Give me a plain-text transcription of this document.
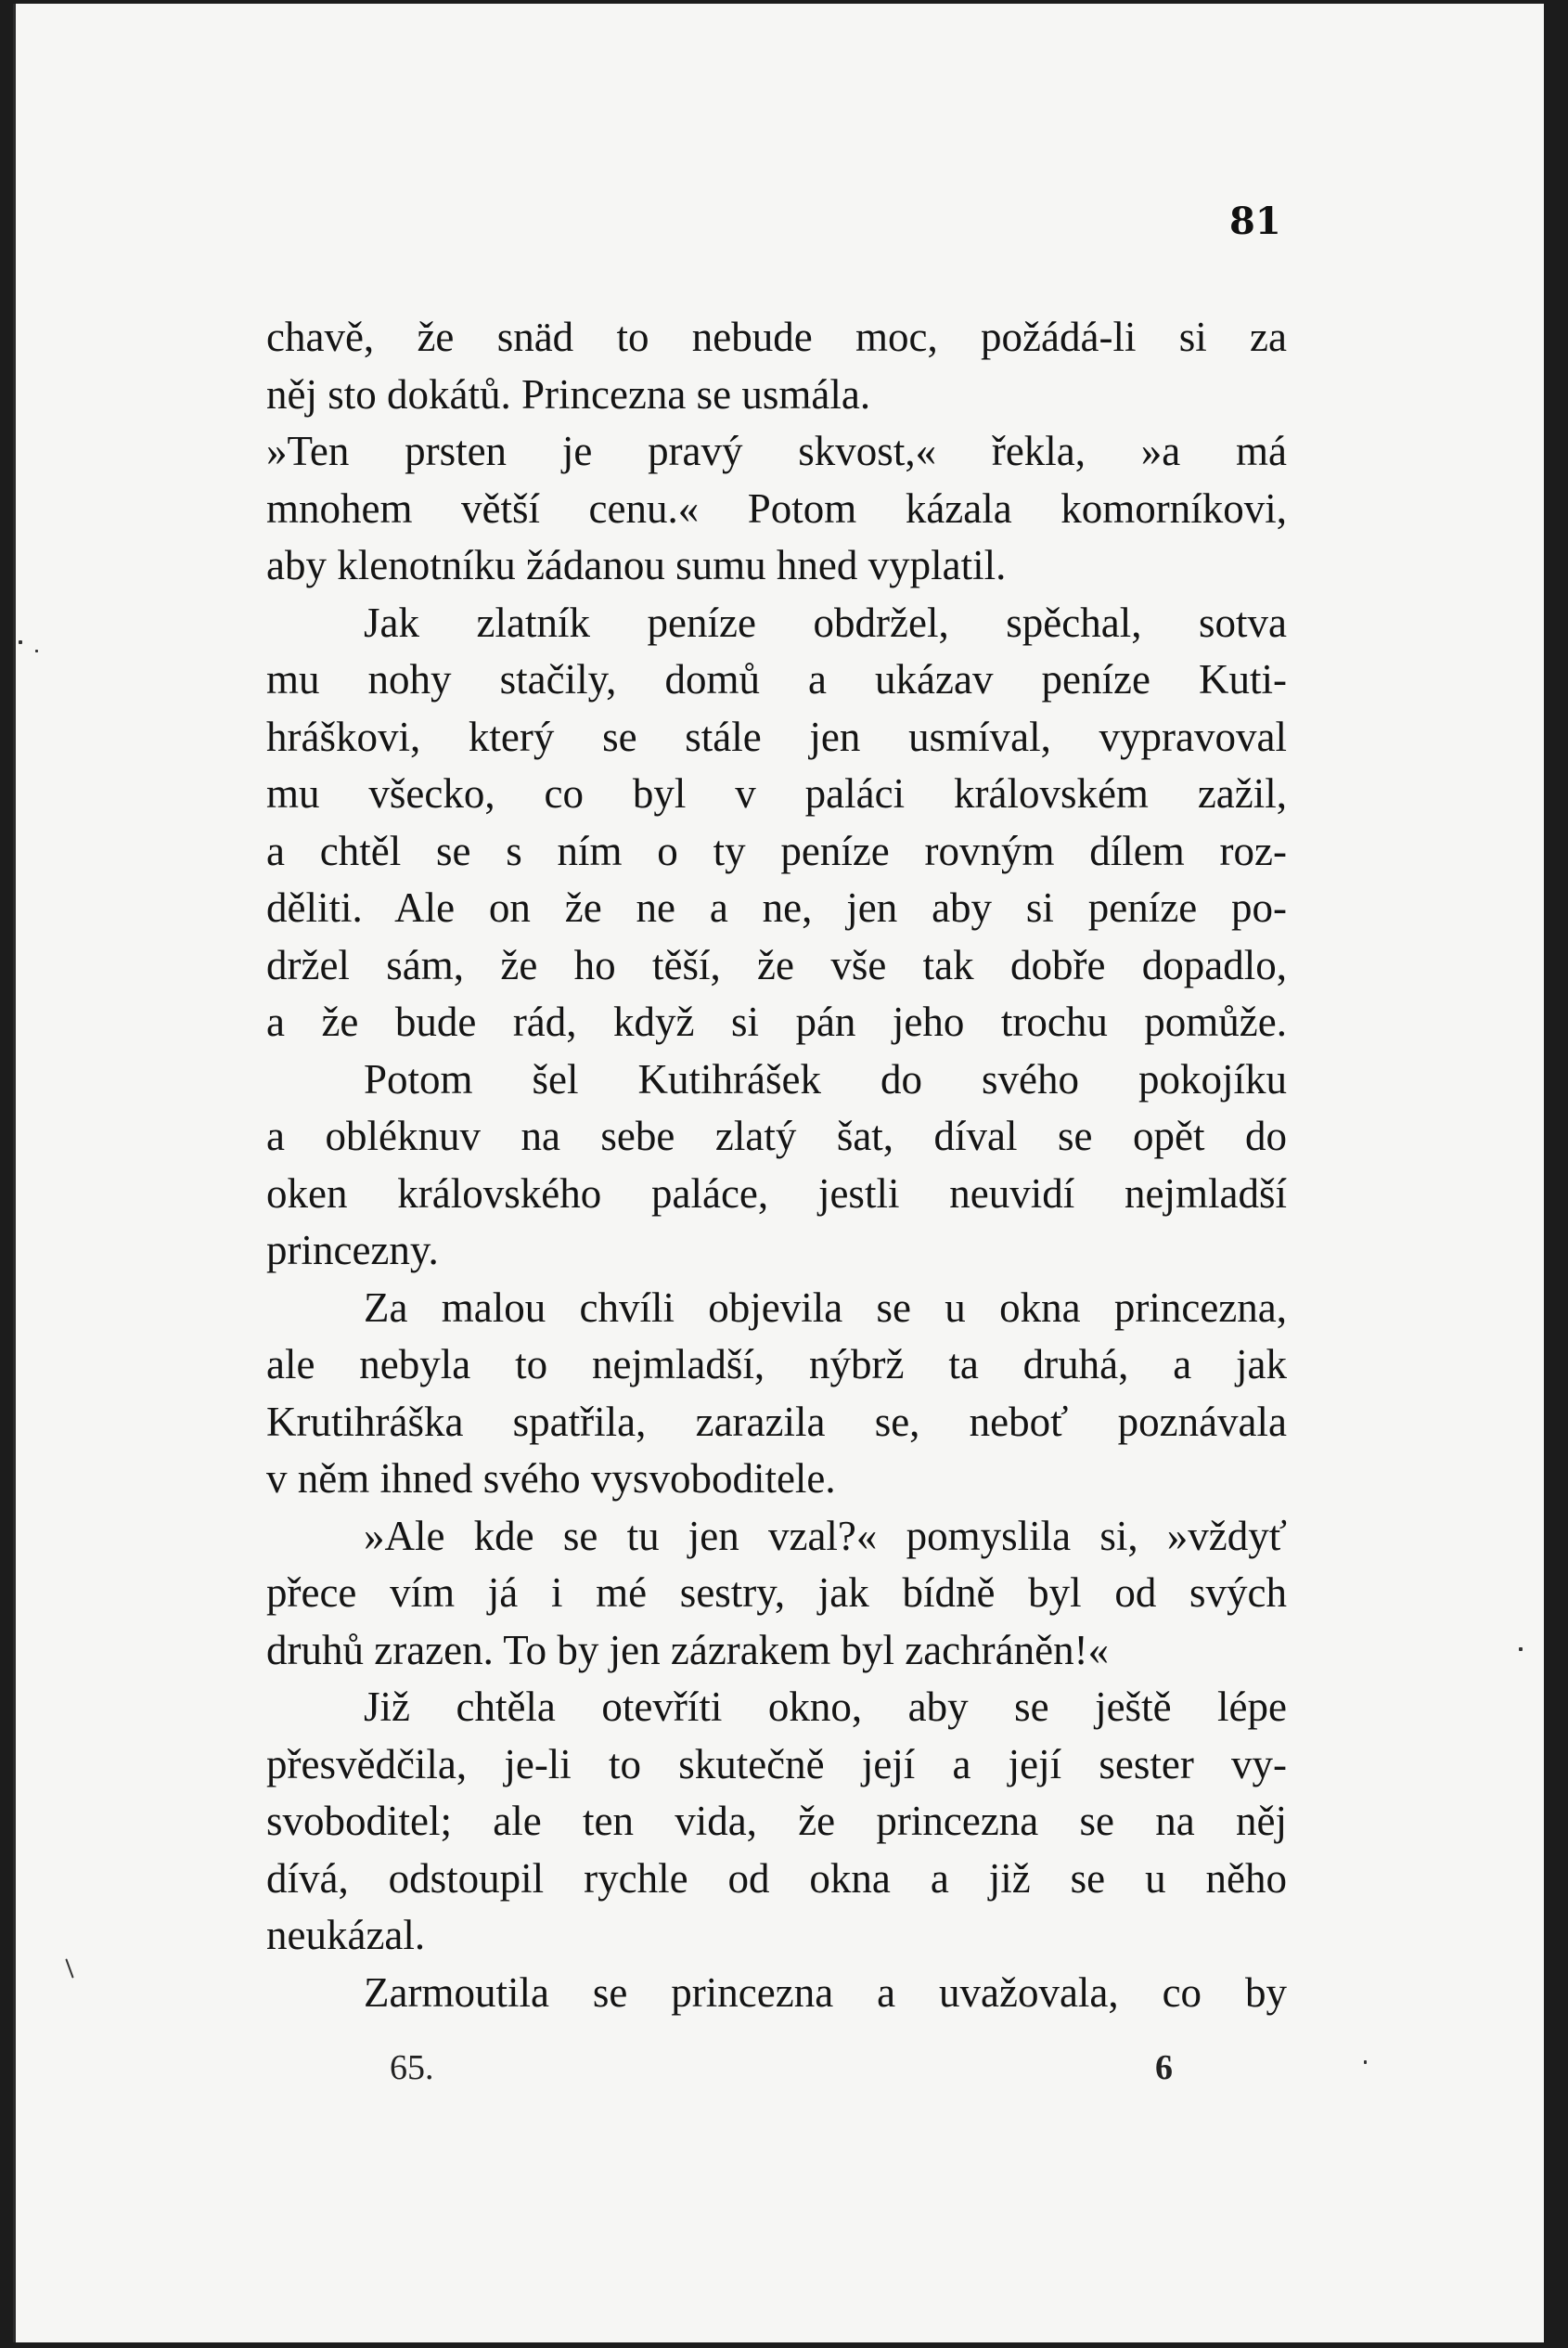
81

chavě, že snäd to nebude moc, požádá-li si za
něj sto dokátů. Princezna se usmála.
»Ten prsten je pravý skvost,« řekla, »a má
mnohem větší cenu.« Potom kázala komorníkovi,
aby klenotníku žádanou sumu hned vyplatil.
Jak zlatník peníze obdržel, spěchal, sotva
mu nohy stačily, domů a ukázav peníze Kuti-
hráškovi, který se stále jen usmíval, vypravoval
mu všecko, co byl v paláci královském zažil,
a chtěl se s ním o ty peníze rovným dílem roz-
děliti. Ale on že ne a ne, jen aby si peníze po-
držel sám, že ho těší, že vše tak dobře dopadlo,
a že bude rád, když si pán jeho trochu pomůže.
Potom šel Kutihrášek do svého pokojíku
a obléknuv na sebe zlatý šat, díval se opět do
oken královského paláce, jestli neuvidí nejmladší
princezny.
Za malou chvíli objevila se u okna princezna,
ale nebyla to nejmladší, nýbrž ta druhá, a jak
Krutihráška spatřila, zarazila se, neboť poznávala
v něm ihned svého vysvoboditele.
»Ale kde se tu jen vzal?« pomyslila si, »vždyť
přece vím já i mé sestry, jak bídně byl od svých
druhů zrazen. To by jen zázrakem byl zachráněn!«
Již chtěla otevříti okno, aby se ještě lépe
přesvědčila, je-li to skutečně její a její sester vy-
svoboditel; ale ten vida, že princezna se na něj
dívá, odstoupil rychle od okna a již se u něho
neukázal.
Zarmoutila se princezna a uvažovala, co by

65.	6
